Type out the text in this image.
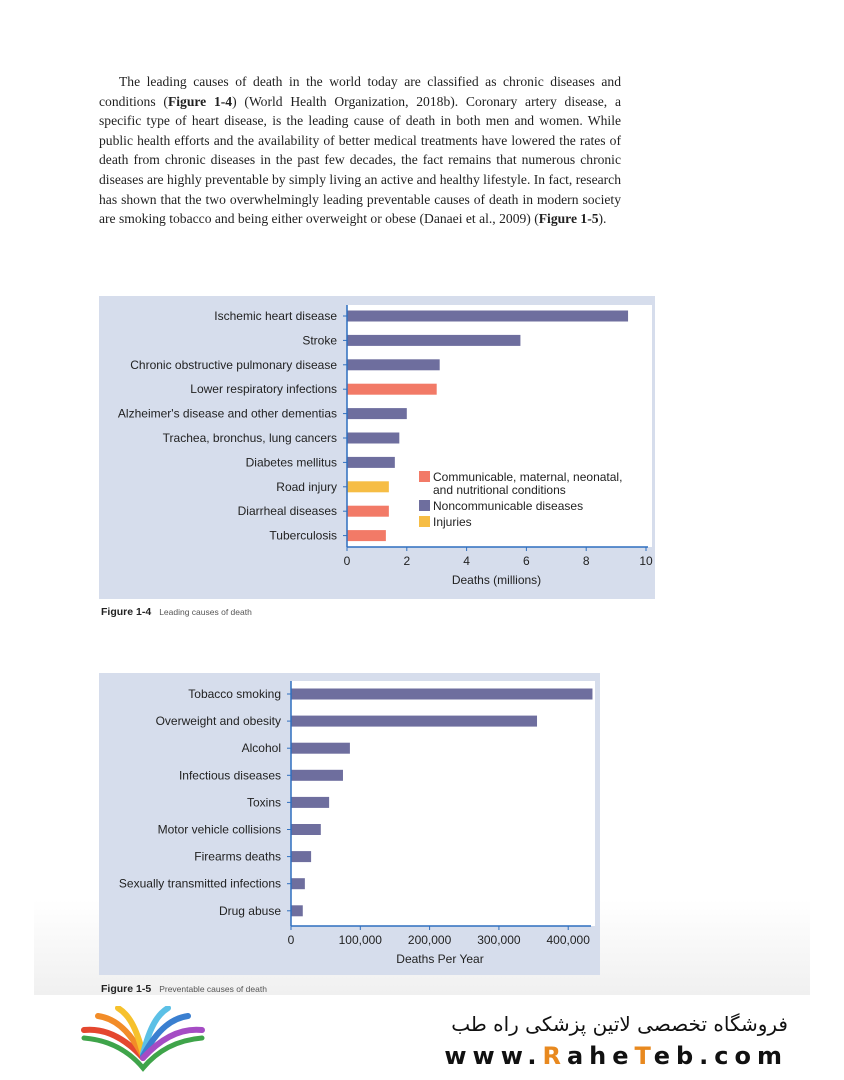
The leading causes of death in the world today are classified as chronic diseases and conditions (Figure 1-4) (World Health Organization, 2018b). Coronary artery disease, a specific type of heart disease, is the leading cause of death in both men and women. While public health efforts and the availability of better medical treatments have lowered the rates of death from chronic diseases in the past few decades, the fact remains that numerous chronic diseases are highly preventable by simply living an active and healthy lifestyle. In fact, research has shown that the two overwhelmingly leading preventable causes of death in modern society are smoking tobacco and being either overweight or obese (Danaei et al., 2009) (Figure 1-5).

Ischemic heart disease
Stroke
Chronic obstructive pulmonary disease
Lower respiratory infections
Alzheimer's disease and other dementias
Trachea, bronchus, lung cancers
Diabetes mellitus
Road injury
Diarrheal diseases
Tuberculosis
0	2	4	6	8	10
Deaths (millions)
Communicable, maternal, neonatal,
and nutritional conditions
Noncommunicable diseases
Injuries
Figure 1-4 Leading causes of death
Tobacco smoking
Overweight and obesity
Alcohol
Infectious diseases
Toxins
Motor vehicle collisions
Firearms deaths
Sexually transmitted infections
Drug abuse
0	100,000 200,000 300,000 400,000
Deaths Per Year
Figure 1-5 Preventable causes of death
فروشگاه تخصصی لاتین پزشکی راه طب
www.RaheTeb.com
